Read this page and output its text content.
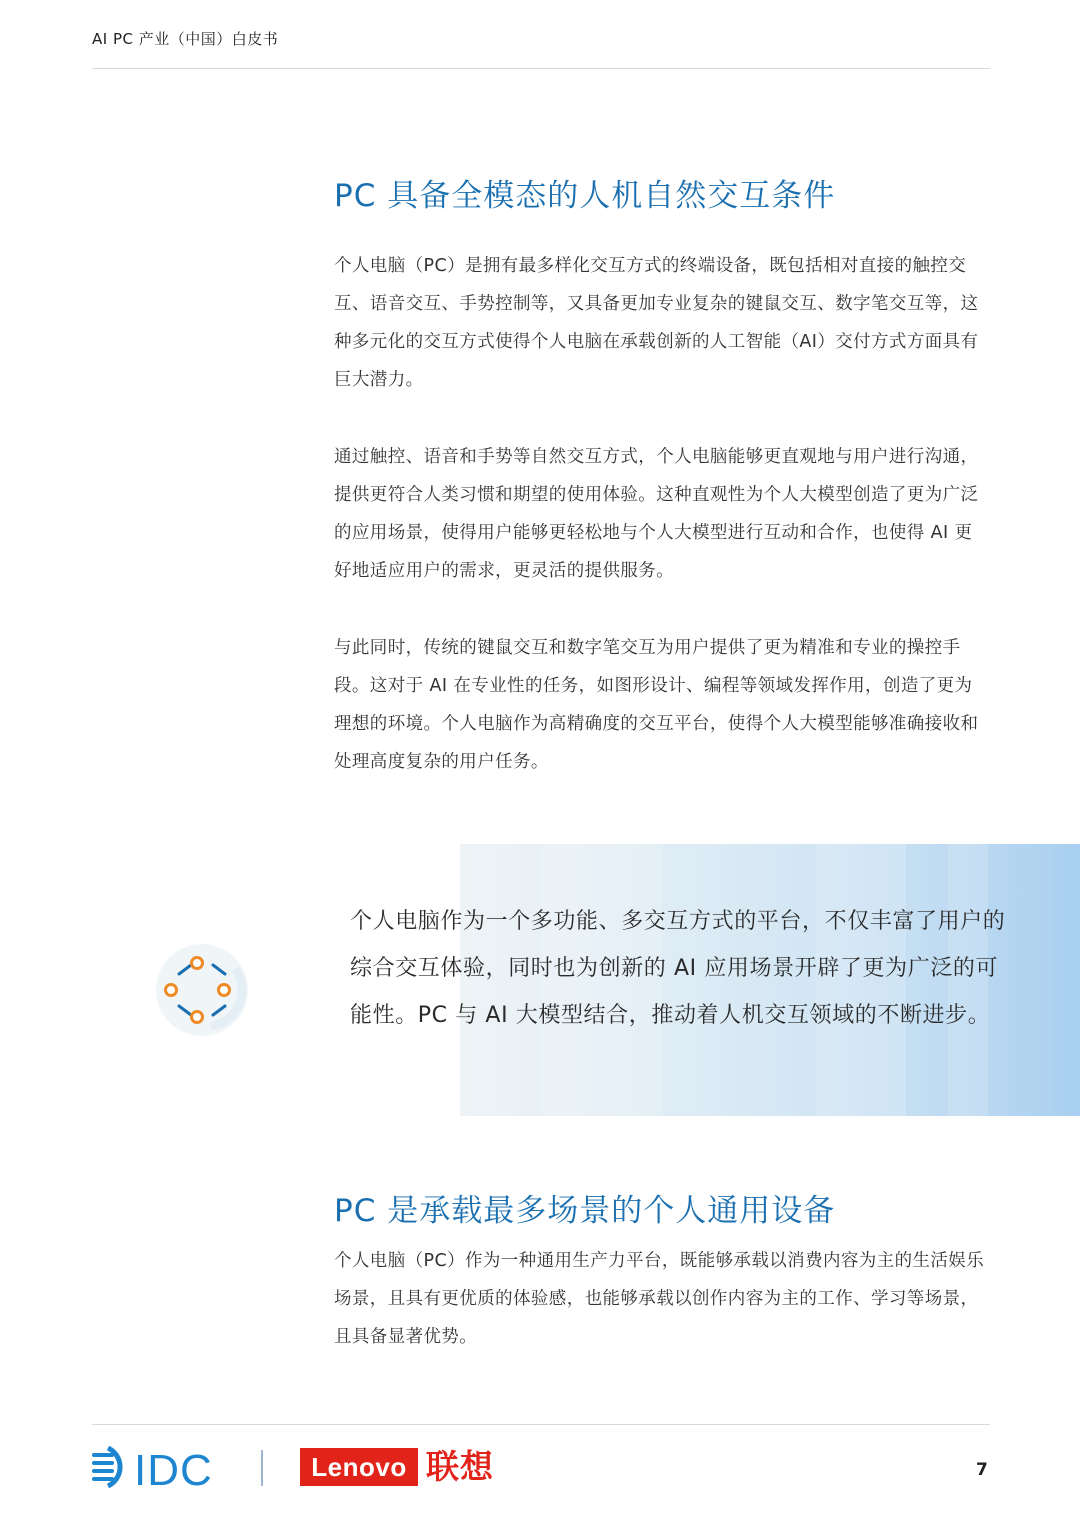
AI PC 产业（中国）白皮书
PC 具备全模态的人机自然交互条件

个人电脑（PC）是拥有最多样化交互方式的终端设备，既包括相对直接的触控交互、语音交互、手势控制等，又具备更加专业复杂的键鼠交互、数字笔交互等，这种多元化的交互方式使得个人电脑在承载创新的人工智能（AI）交付方式方面具有巨大潜力。

通过触控、语音和手势等自然交互方式，个人电脑能够更直观地与用户进行沟通，提供更符合人类习惯和期望的使用体验。这种直观性为个人大模型创造了更为广泛的应用场景，使得用户能够更轻松地与个人大模型进行互动和合作，也使得 AI 更好地适应用户的需求，更灵活的提供服务。

与此同时，传统的键鼠交互和数字笔交互为用户提供了更为精准和专业的操控手段。这对于 AI 在专业性的任务，如图形设计、编程等领域发挥作用，创造了更为理想的环境。个人电脑作为高精确度的交互平台，使得个人大模型能够准确接收和处理高度复杂的用户任务。

个人电脑作为一个多功能、多交互方式的平台，不仅丰富了用户的综合交互体验，同时也为创新的 AI 应用场景开辟了更为广泛的可能性。PC 与 AI 大模型结合，推动着人机交互领域的不断进步。

PC 是承载最多场景的个人通用设备

个人电脑（PC）作为一种通用生产力平台，既能够承载以消费内容为主的生活娱乐场景，且具有更优质的体验感，也能够承载以创作内容为主的工作、学习等场景，且具备显著优势。

IDC	Lenovo 联想	7
